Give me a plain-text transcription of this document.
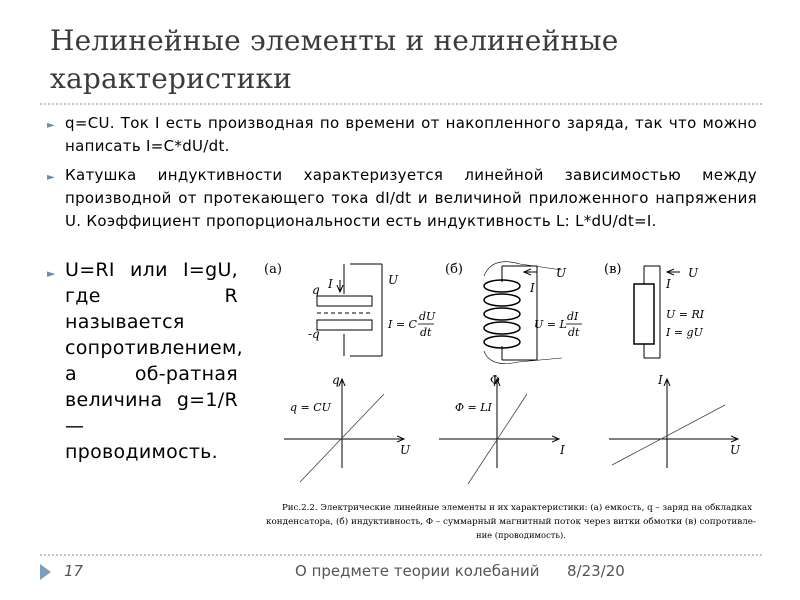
Нелинейные элементы и нелинейные характеристики
► q=CU. Ток I есть производная по времени от накопленного заряда, так что можно написать I=C*dU/dt.
► Катушка индуктивности характеризуется линейной зависимостью между производной от протекающего тока dI/dt и величиной приложенного напряжения U. Коэффициент пропорциональности есть индуктивность L: L*dU/dt=I.
► U=RI или I=gU, где R называется сопротивлением, а об-ратная величина g=1/R — проводимость.
(а)	(б)	(в)
q I
-q
U
I = C
dU
dt
U
I
U = L
dI
dt
I
U
U = RI
I = gU
q
U
q = CU
Φ
I
Φ = LI
I
U
Рис.2.2. Электрические линейные элементы и их характеристики: (а) емкость, q – заряд на обкладках
конденсатора, (б) индуктивность, Φ – суммарный магнитный поток через витки обмотки (в) сопротивле-
ние (проводимость).
17	О предмете теории колебаний 8/23/20
